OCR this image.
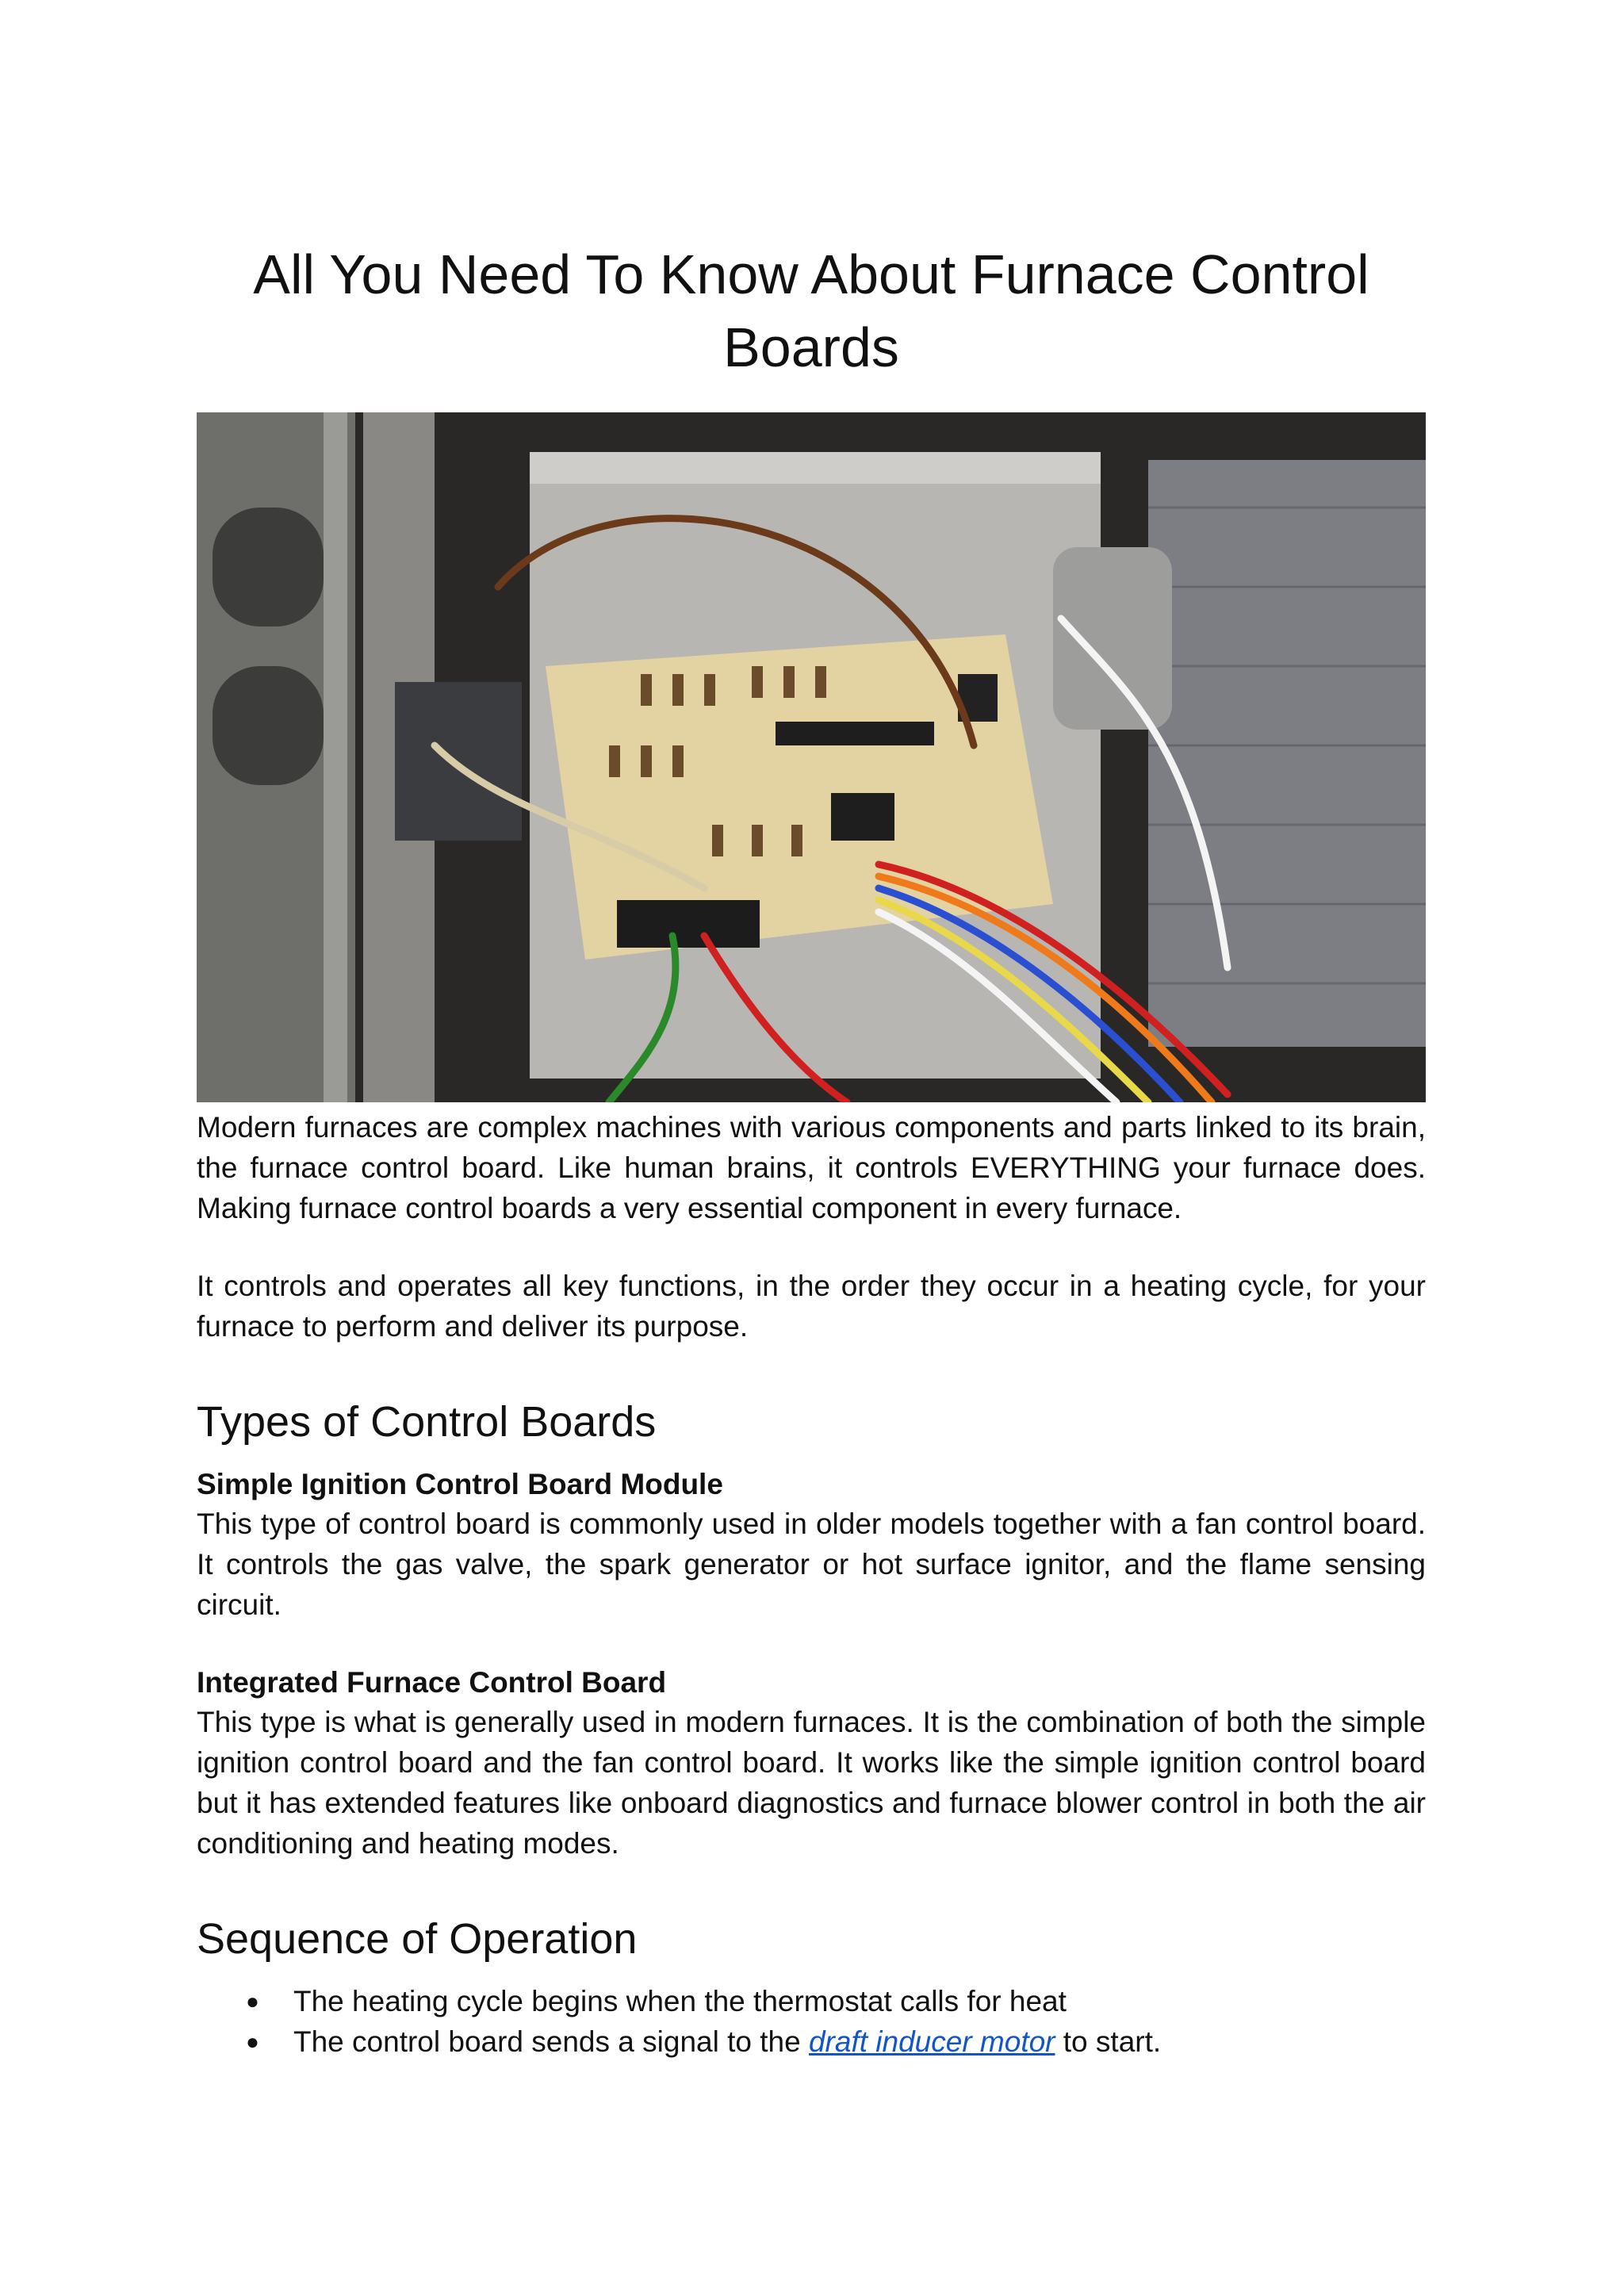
All You Need To Know About Furnace Control Boards

Modern furnaces are complex machines with various components and parts linked to its brain, the furnace control board. Like human brains, it controls EVERYTHING your furnace does. Making furnace control boards a very essential component in every furnace.

It controls and operates all key functions, in the order they occur in a heating cycle, for your furnace to perform and deliver its purpose.

Types of Control Boards
Simple Ignition Control Board Module

This type of control board is commonly used in older models together with a fan control board. It controls the gas valve, the spark generator or hot surface ignitor, and the flame sensing circuit.

Integrated Furnace Control Board

This type is what is generally used in modern furnaces. It is the combination of both the simple ignition control board and the fan control board. It works like the simple ignition control board but it has extended features like onboard diagnostics and furnace blower control in both the air conditioning and heating modes.

Sequence of Operation
● The heating cycle begins when the thermostat calls for heat
● The control board sends a signal to the draft inducer motor to start.
